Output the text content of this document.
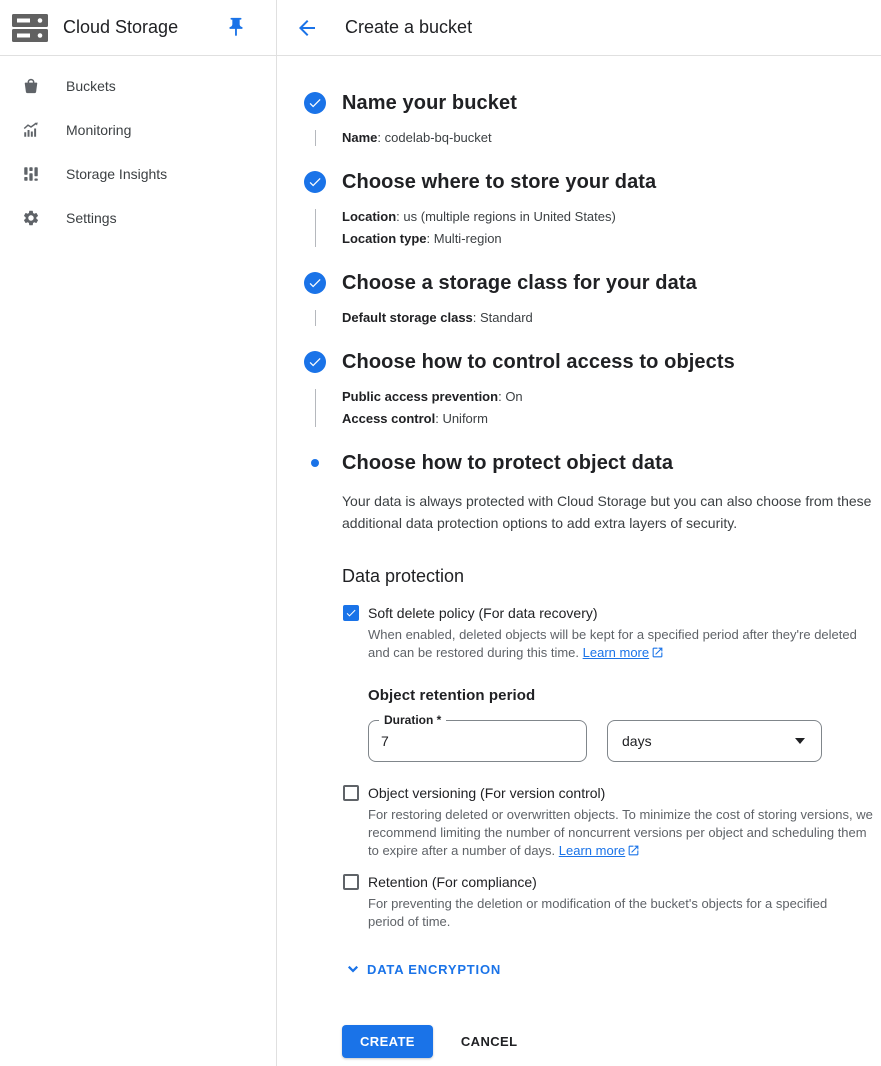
Cloud Storage	Create a bucket
Buckets
Monitoring
Storage Insights
Settings
Name your bucket
Name : codelab-bq-bucket
Choose where to store your data
Location : us (multiple regions in United States)
Location type : Multi-region
Choose a storage class for your data
Default storage class : Standard
Choose how to control access to objects
Public access prevention : On
Access control : Uniform
Choose how to protect object data
Your data is always protected with Cloud Storage but you can also choose from these additional data protection options to add extra layers of security.
Data protection
Soft delete policy (For data recovery)
When enabled, deleted objects will be kept for a specified period after they're deleted and can be restored during this time. Learn more
Object retention period
Duration *
7
days
Object versioning (For version control)
For restoring deleted or overwritten objects. To minimize the cost of storing versions, we recommend limiting the number of noncurrent versions per object and scheduling them to expire after a number of days. Learn more
Retention (For compliance)
For preventing the deletion or modification of the bucket's objects for a specified period of time.
DATA ENCRYPTION
CREATE	CANCEL
